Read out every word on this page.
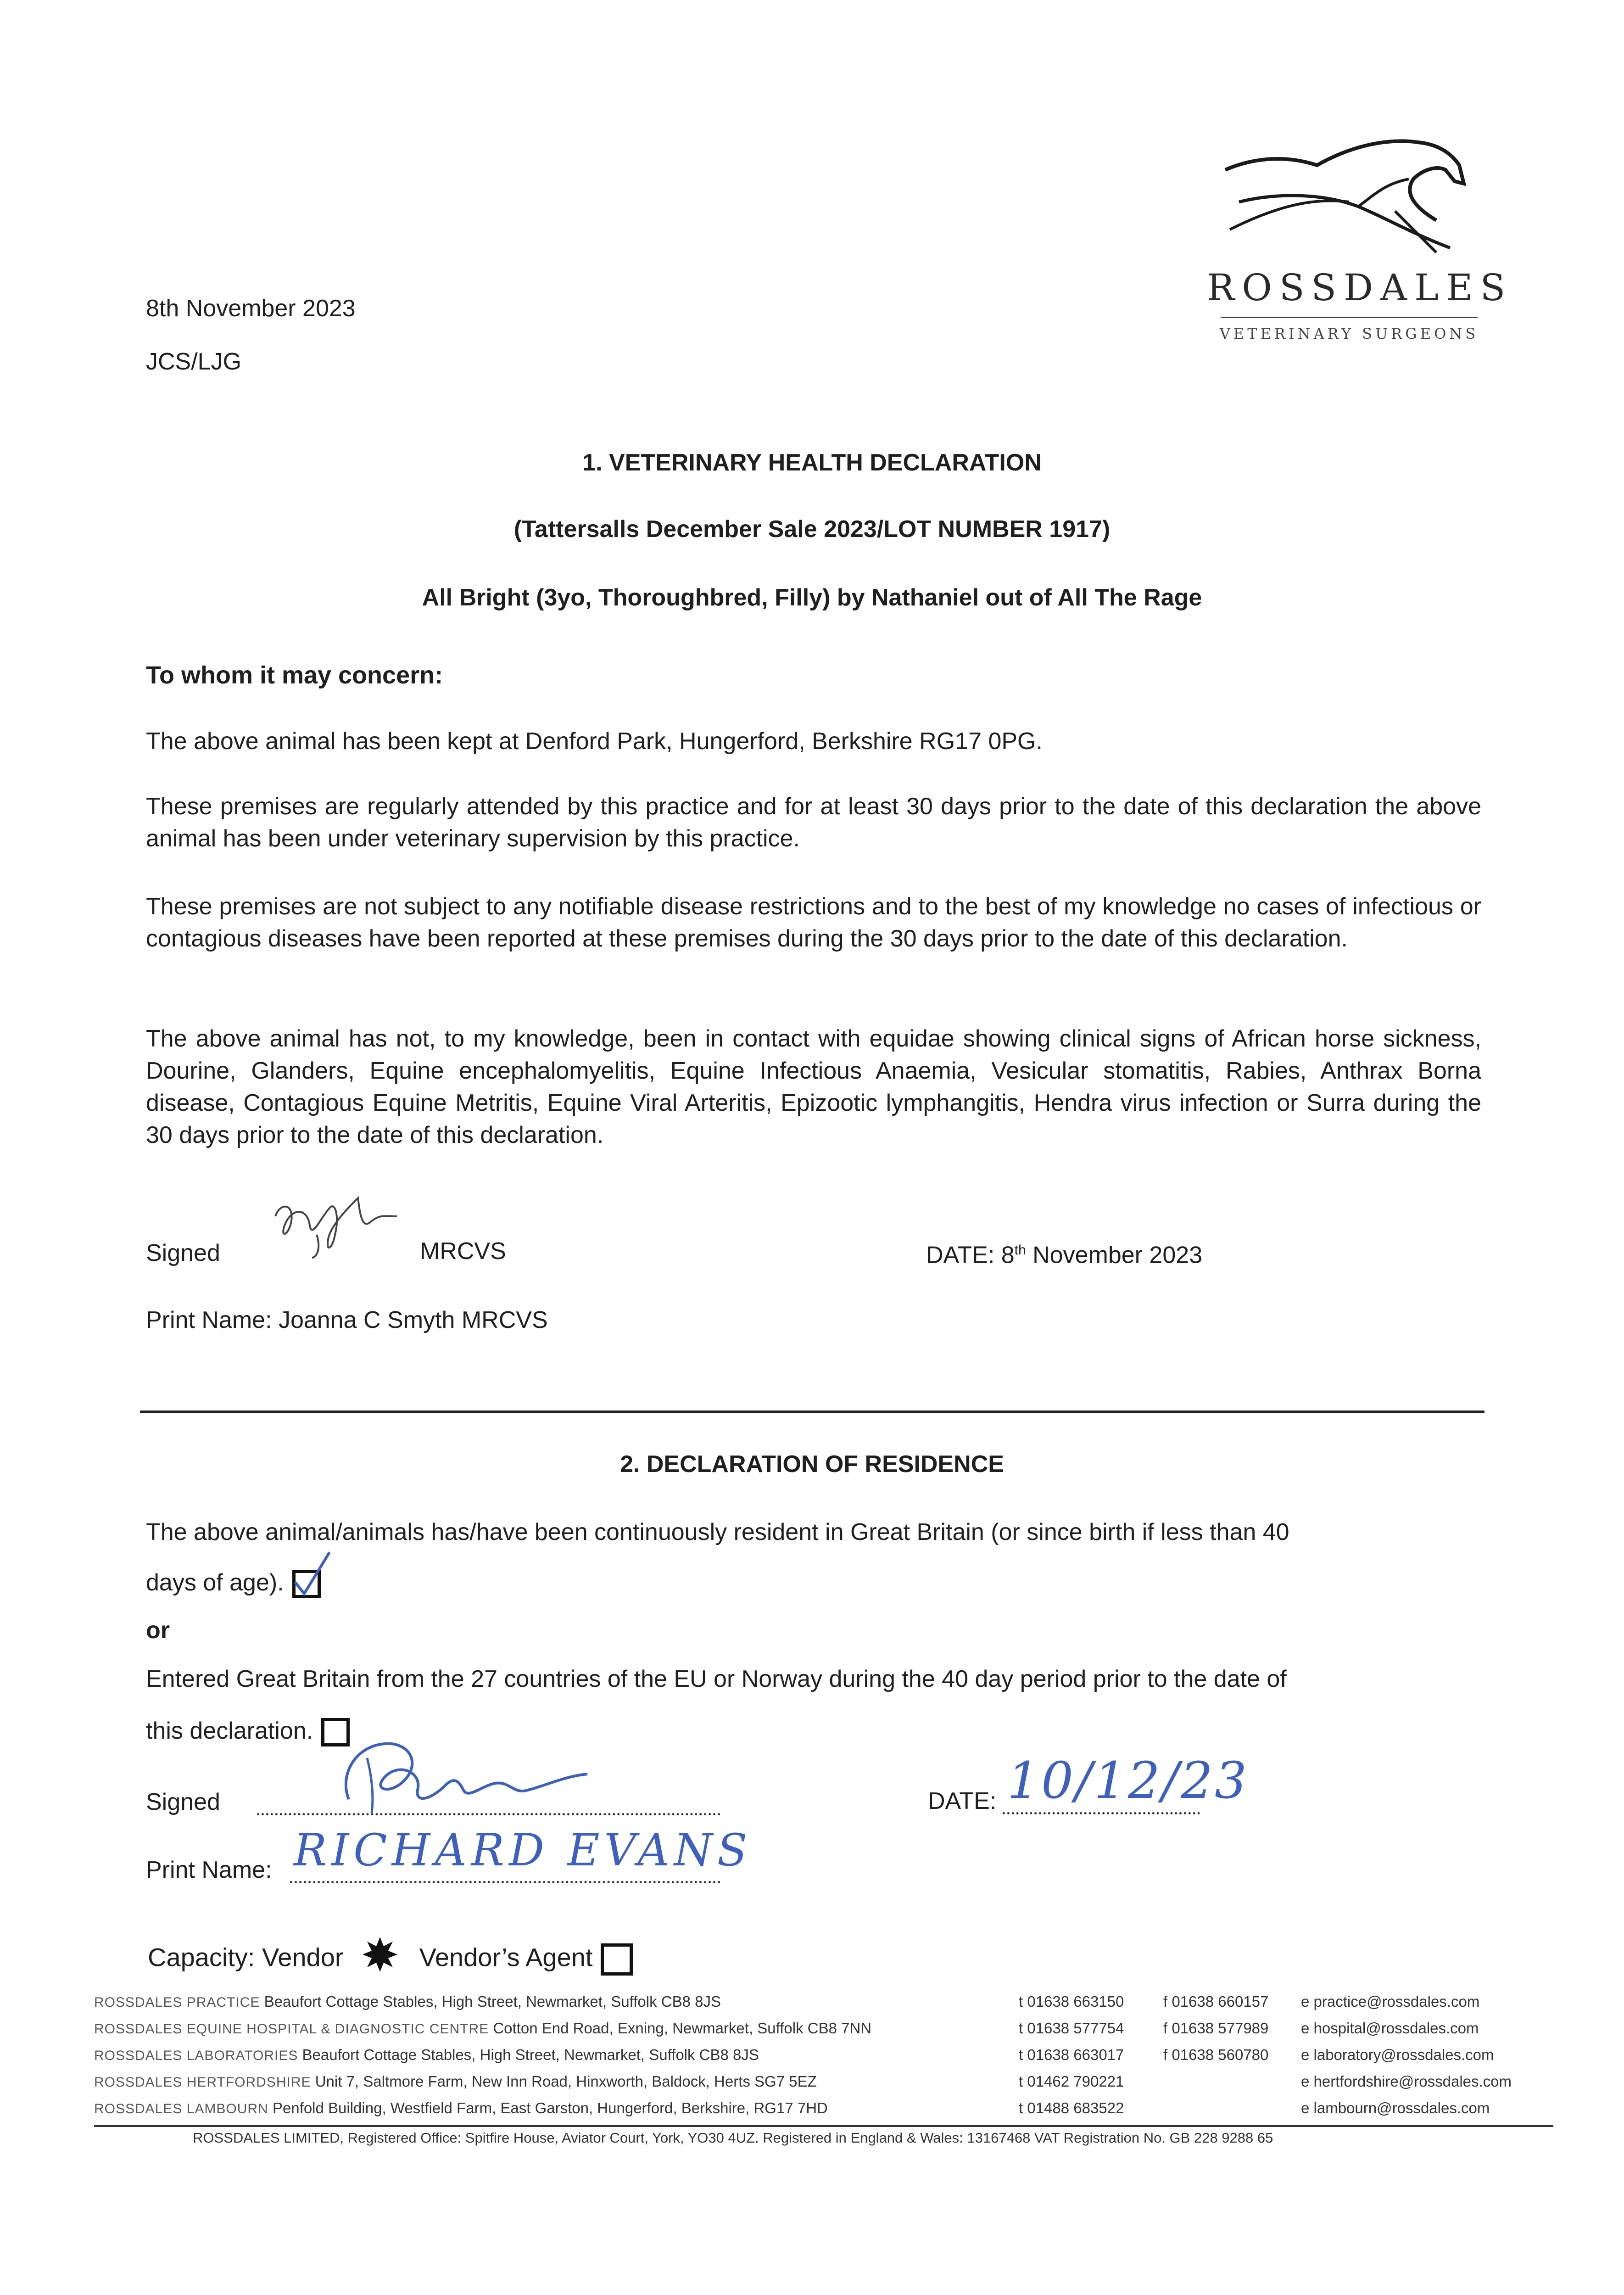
8th November 2023
JCS/LJG
ROSSDALES
VETERINARY SURGEONS
1. VETERINARY HEALTH DECLARATION
(Tattersalls December Sale 2023/LOT NUMBER 1917)
All Bright (3yo, Thoroughbred, Filly) by Nathaniel out of All The Rage
To whom it may concern:
The above animal has been kept at Denford Park, Hungerford, Berkshire RG17 0PG.
These premises are regularly attended by this practice and for at least 30 days prior to the date of this declaration the above animal has been under veterinary supervision by this practice.
These premises are not subject to any notifiable disease restrictions and to the best of my knowledge no cases of infectious or contagious diseases have been reported at these premises during the 30 days prior to the date of this declaration.
The above animal has not, to my knowledge, been in contact with equidae showing clinical signs of African horse sickness, Dourine, Glanders, Equine encephalomyelitis, Equine Infectious Anaemia, Vesicular stomatitis, Rabies, Anthrax Borna disease, Contagious Equine Metritis, Equine Viral Arteritis, Epizootic lymphangitis, Hendra virus infection or Surra during the 30 days prior to the date of this declaration.
Signed	MRCVS	DATE: 8th November 2023
Print Name: Joanna C Smyth MRCVS
2. DECLARATION OF RESIDENCE
The above animal/animals has/have been continuously resident in Great Britain (or since birth if less than 40
days of age).
or
Entered Great Britain from the 27 countries of the EU or Norway during the 40 day period prior to the date of
this declaration.
Signed	DATE: 10/12/23
Print Name: RICHARD EVANS
Capacity: Vendor	Vendor’s Agent
ROSSDALES PRACTICE Beaufort Cottage Stables, High Street, Newmarket, Suffolk CB8 8JS	t 01638 663150	f 01638 660157 e practice@rossdales.com
ROSSDALES EQUINE HOSPITAL & DIAGNOSTIC CENTRE Cotton End Road, Exning, Newmarket, Suffolk CB8 7NN	t 01638 577754	f 01638 577989 e hospital@rossdales.com
ROSSDALES LABORATORIES Beaufort Cottage Stables, High Street, Newmarket, Suffolk CB8 8JS	t 01638 663017	f 01638 560780 e laboratory@rossdales.com
ROSSDALES HERTFORDSHIRE Unit 7, Saltmore Farm, New Inn Road, Hinxworth, Baldock, Herts SG7 5EZ	t 01462 790221	e hertfordshire@rossdales.com
ROSSDALES LAMBOURN Penfold Building, Westfield Farm, East Garston, Hungerford, Berkshire, RG17 7HD	t 01488 683522	e lambourn@rossdales.com
ROSSDALES LIMITED, Registered Office: Spitfire House, Aviator Court, York, YO30 4UZ. Registered in England & Wales: 13167468 VAT Registration No. GB 228 9288 65
